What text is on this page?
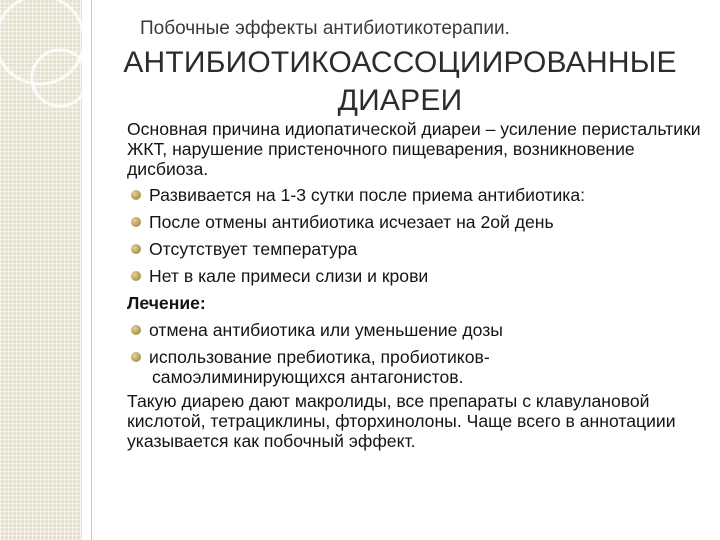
Побочные эффекты антибиотикотерапии.
АНТИБИОТИКОАССОЦИИРОВАННЫЕ ДИАРЕИ

Основная причина идиопатической диареи – усиление перистальтики ЖКТ, нарушение пристеночного пищеварения, возникновение дисбиоза.

Развивается на 1-3 сутки после приема антибиотика:
После отмены антибиотика исчезает на 2ой день
Отсутствует температура
Нет в кале примеси слизи и крови

Лечение:

отмена антибиотика или уменьшение дозы
использование пребиотика, пробиотиков-

самоэлиминирующихся антагонистов.

Такую диарею дают макролиды, все препараты с клавулановой кислотой, тетрациклины, фторхинолоны. Чаще всего в аннотациии указывается как побочный эффект.
